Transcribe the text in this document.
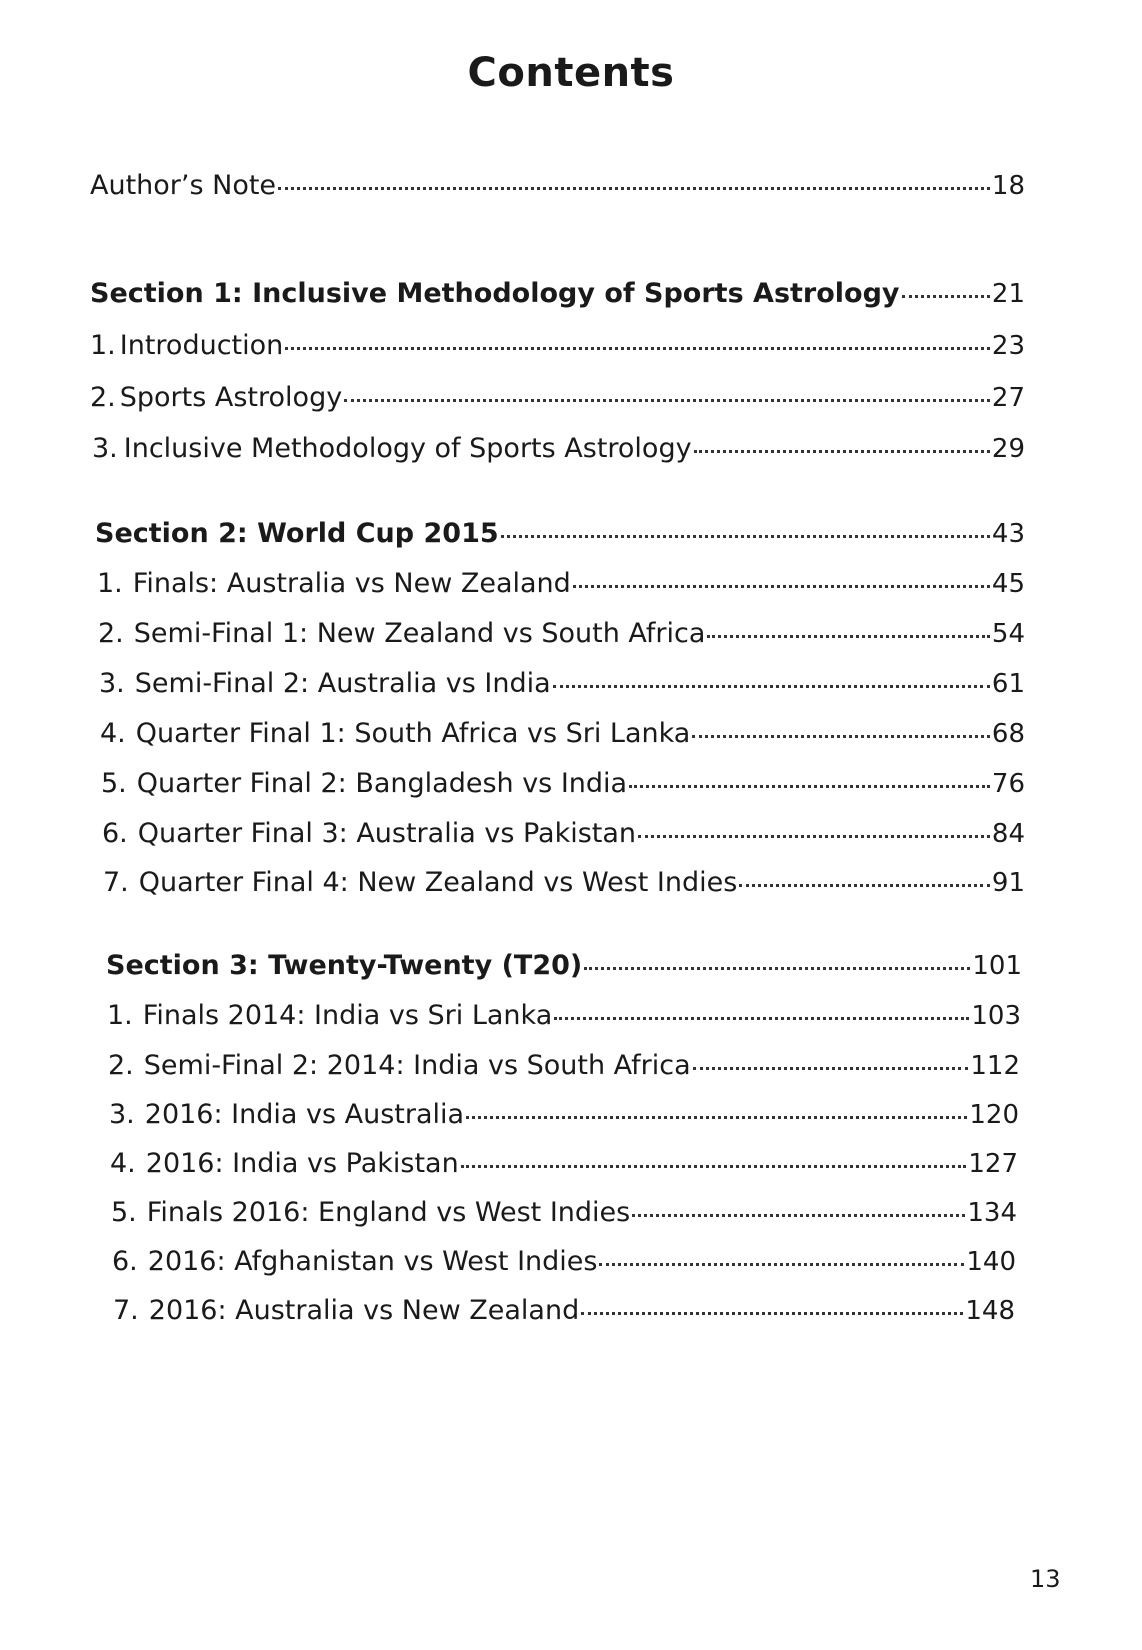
Contents
Author’s Note	18
Section 1: Inclusive Methodology of Sports Astrology	21
1. Introduction	23
2. Sports Astrology	27
3. Inclusive Methodology of Sports Astrology	29
Section 2: World Cup 2015	43
1. Finals: Australia vs New Zealand	45
2. Semi-Final 1: New Zealand vs South Africa	54
3. Semi-Final 2: Australia vs India	61
4. Quarter Final 1: South Africa vs Sri Lanka	68
5. Quarter Final 2: Bangladesh vs India	76
6. Quarter Final 3: Australia vs Pakistan	84
7. Quarter Final 4: New Zealand vs West Indies	91
Section 3: Twenty-Twenty (T20)	101
1. Finals 2014: India vs Sri Lanka	103
2. Semi-Final 2: 2014: India vs South Africa	112
3. 2016: India vs Australia	120
4. 2016: India vs Pakistan	127
5. Finals 2016: England vs West Indies	134
6. 2016: Afghanistan vs West Indies	140
7. 2016: Australia vs New Zealand	148
13
